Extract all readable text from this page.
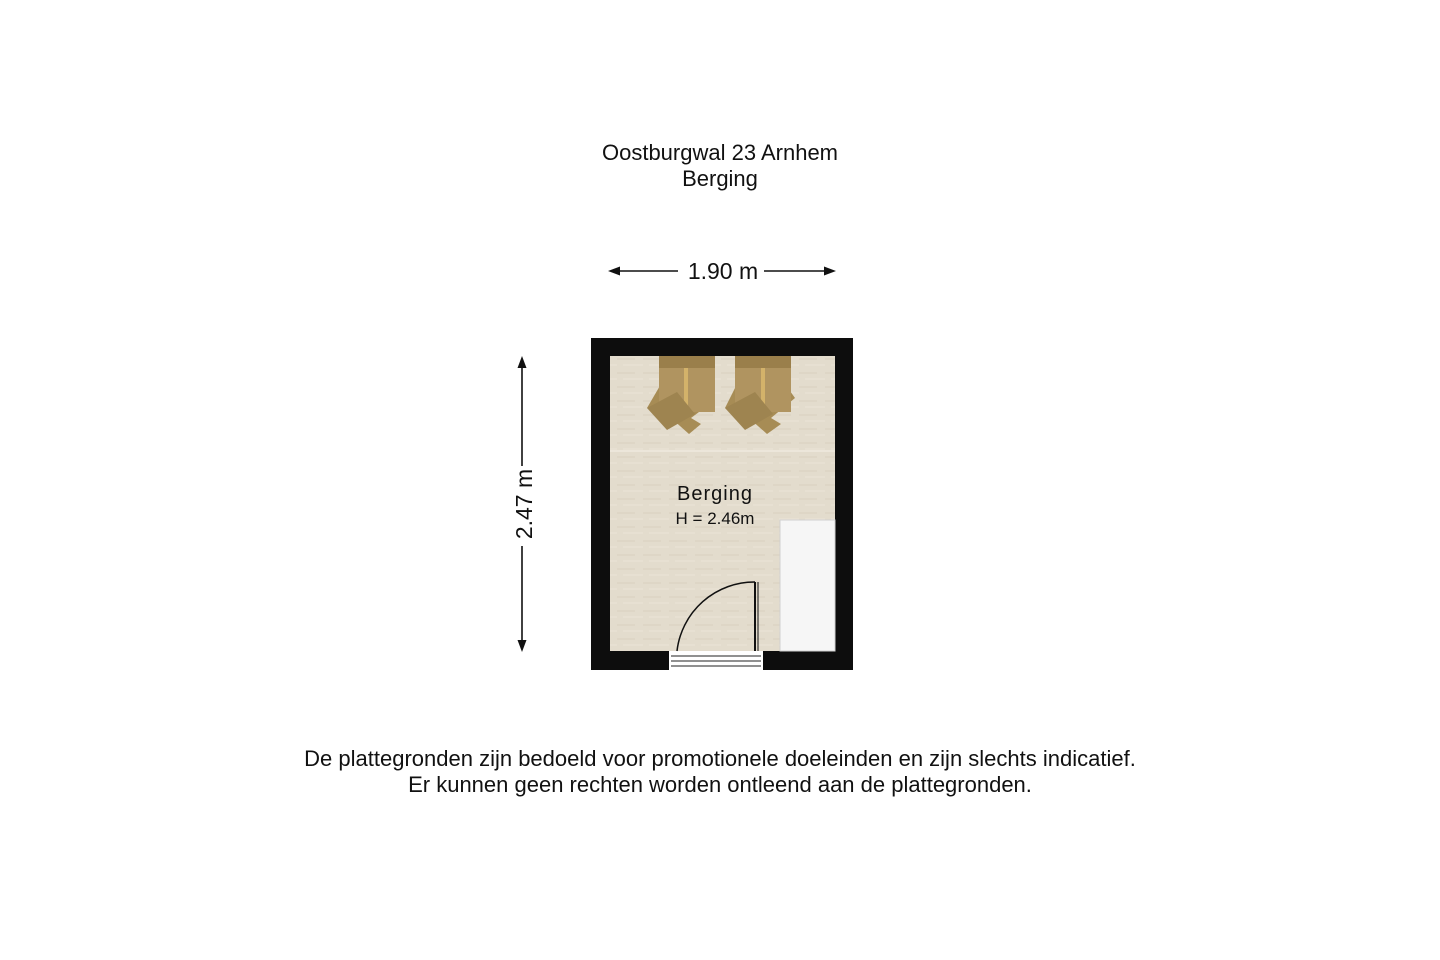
Oostburgwal 23 Arnhem
Berging
1.90 m
2.47 m	Berging
H = 2.46m
De plattegronden zijn bedoeld voor promotionele doeleinden en zijn slechts indicatief.
Er kunnen geen rechten worden ontleend aan de plattegronden.
